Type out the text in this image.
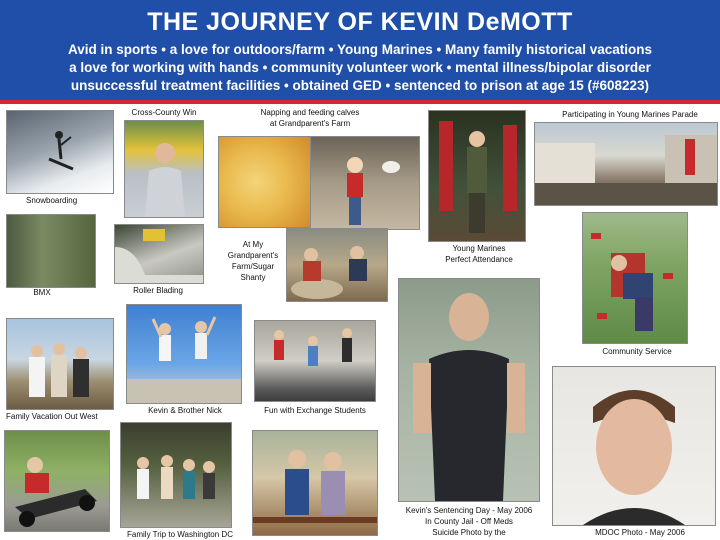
THE JOURNEY OF KEVIN DeMOTT
Avid in sports • a love for outdoors/farm • Young Marines • Many family historical vacations
a love for working with hands • community volunteer work • mental illness/bipolar disorder
unsuccessful treatment facilities • obtained GED • sentenced to prison at age 15 (#608223)
Snowboarding
Cross-County Win	Napping and feeding calves
at Grandparent's Farm
Young Marines
Perfect Attendance
Participating in Young Marines Parade
BMX	Roller Blading
At My
Grandparent's
Farm/Sugar
Shanty
Community Service
Family Vacation Out West
Kevin & Brother Nick	Fun with Exchange Students
Kevin's Sentencing Day - May 2006
In County Jail - Off Meds
Suicide Photo by the	MDOC Photo - May 2006
Family Trip to Washington DC
